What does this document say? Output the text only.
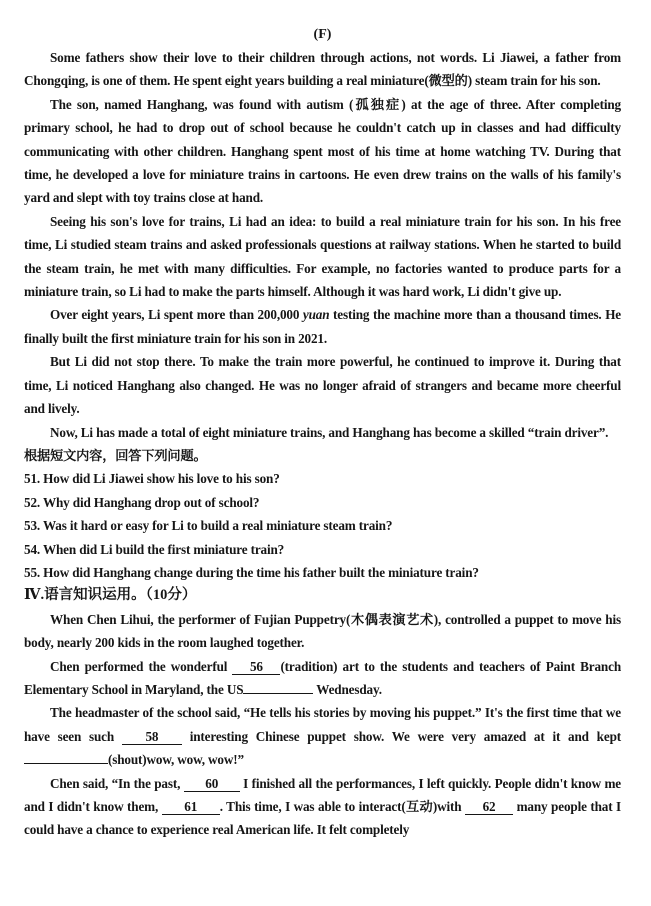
(F)

Some fathers show their love to their children through actions, not words. Li Jiawei, a father from Chongqing, is one of them. He spent eight years building a real miniature(微型的) steam train for his son.

The son, named Hanghang, was found with autism (孤独症) at the age of three. After completing primary school, he had to drop out of school because he couldn't catch up in classes and had difficulty communicating with other children. Hanghang spent most of his time at home watching TV. During that time, he developed a love for miniature trains in cartoons. He even drew trains on the walls of his family's yard and slept with toy trains close at hand.

Seeing his son's love for trains, Li had an idea: to build a real miniature train for his son. In his free time, Li studied steam trains and asked professionals questions at railway stations. When he started to build the steam train, he met with many difficulties. For example, no factories wanted to produce parts for a miniature train, so Li had to make the parts himself. Although it was hard work, Li didn't give up.

Over eight years, Li spent more than 200,000 yuan testing the machine more than a thousand times. He finally built the first miniature train for his son in 2021.

But Li did not stop there. To make the train more powerful, he continued to improve it. During that time, Li noticed Hanghang also changed. He was no longer afraid of strangers and became more cheerful and lively.

Now, Li has made a total of eight miniature trains, and Hanghang has become a skilled “train driver”.

根据短文内容，回答下列问题。

51. How did Li Jiawei show his love to his son?

52. Why did Hanghang drop out of school?

53. Was it hard or easy for Li to build a real miniature steam train?

54. When did Li build the first miniature train?

55. How did Hanghang change during the time his father built the miniature train?

Ⅳ.语言知识运用。（10分）

When Chen Lihui, the performer of Fujian Puppetry(木偶表演艺术), controlled a puppet to move his body, nearly 200 kids in the room laughed together.

Chen performed the wonderful 56 (tradition) art to the students and teachers of Paint Branch Elementary School in Maryland, the US	Wednesday.

The headmaster of the school said, “He tells his stories by moving his puppet.” It's the first time that we have seen such 58 interesting Chinese puppet show. We were very amazed at it and kept (shout)wow, wow, wow!”

Chen said, “In the past, 60 I finished all the performances, I left quickly. People didn't know me and I didn't know them, 61 . This time, I was able to interact(互动)with 62 many people that I could have a chance to experience real American life. It felt completely
